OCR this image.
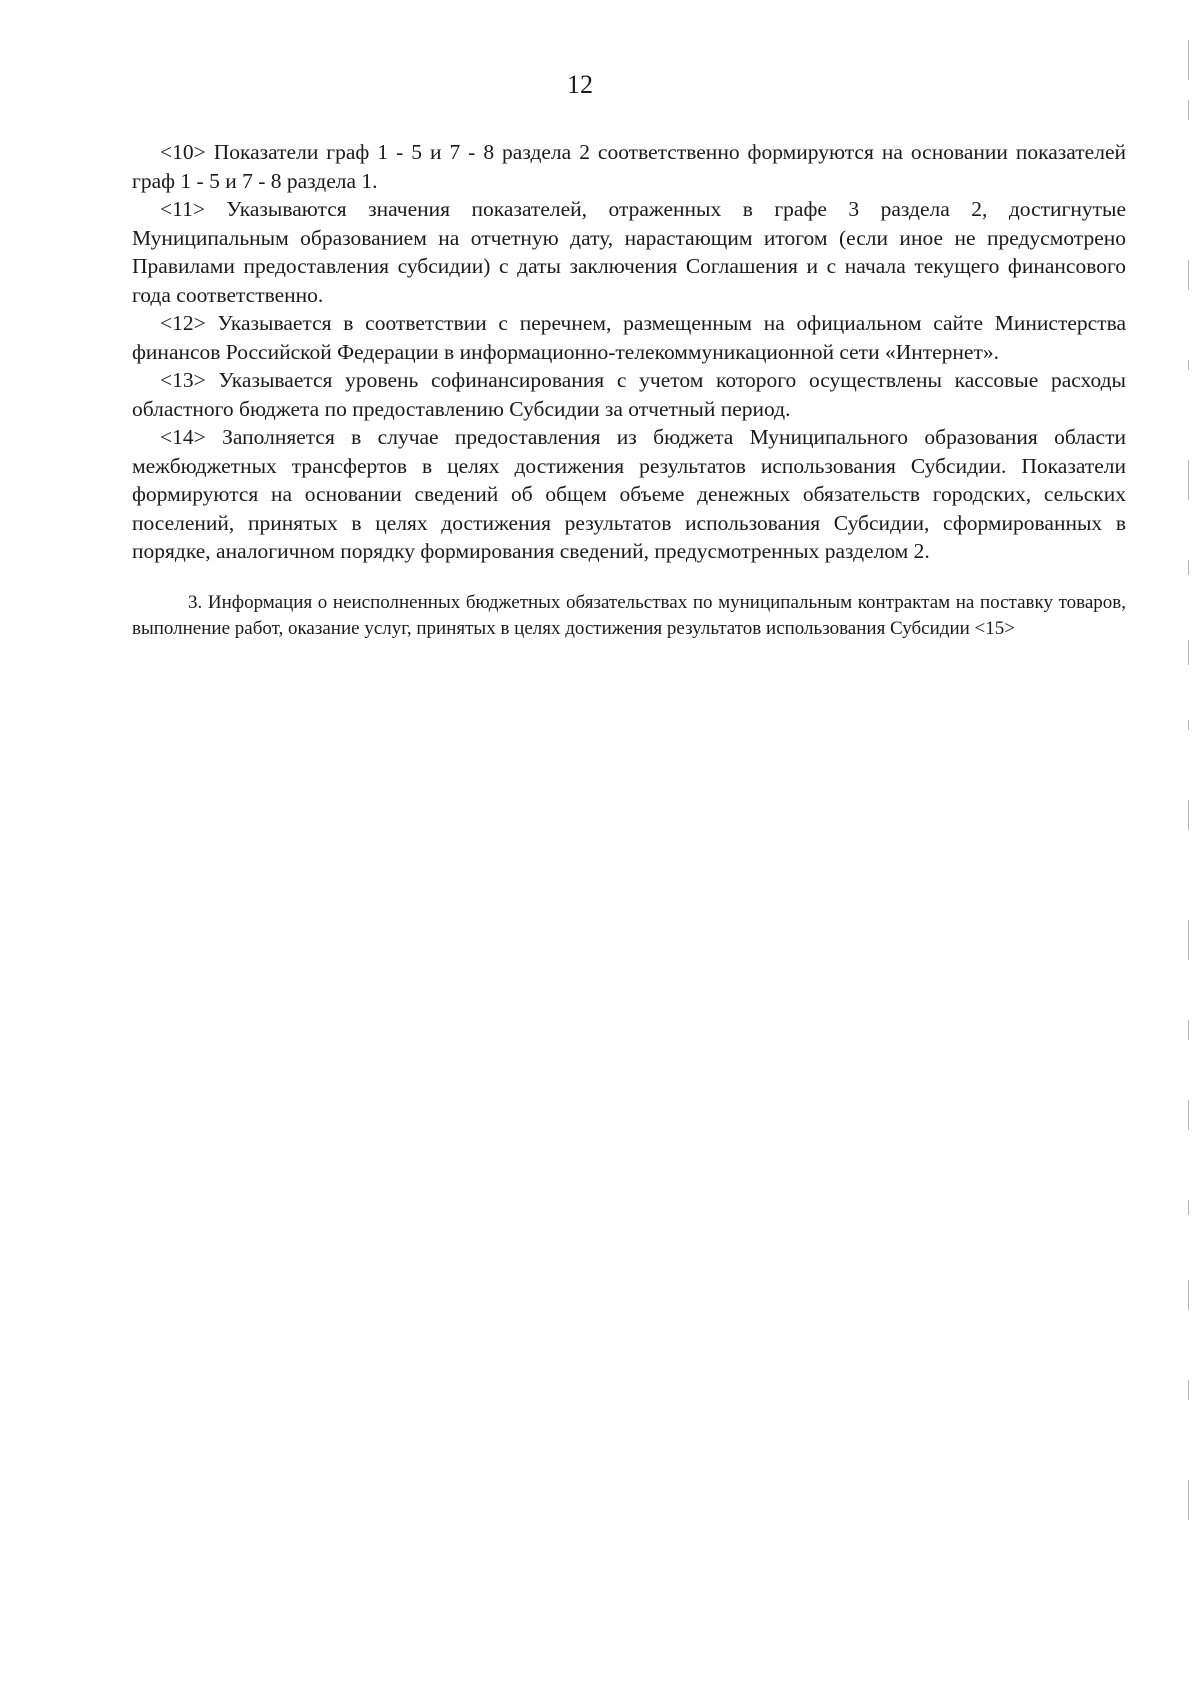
12

<10> Показатели граф 1 - 5 и 7 - 8 раздела 2 соответственно формируются на основании показателей граф 1 - 5 и 7 - 8 раздела 1.

<11> Указываются значения показателей, отраженных в графе 3 раздела 2, достигнутые Муниципальным образованием на отчетную дату, нарастающим итогом (если иное не предусмотрено Правилами предоставления субсидии) с даты заключения Соглашения и с начала текущего финансового года соответственно.

<12> Указывается в соответствии с перечнем, размещенным на официальном сайте Министерства финансов Российской Федерации в информационно-телекоммуникационной сети «Интернет».

<13> Указывается уровень софинансирования с учетом которого осуществлены кассовые расходы областного бюджета по предоставлению Субсидии за отчетный период.

<14> Заполняется в случае предоставления из бюджета Муниципального образования области межбюджетных трансфертов в целях достижения результатов использования Субсидии. Показатели формируются на основании сведений об общем объеме денежных обязательств городских, сельских поселений, принятых в целях достижения результатов использования Субсидии, сформированных в порядке, аналогичном порядку формирования сведений, предусмотренных разделом 2.

3. Информация о неисполненных бюджетных обязательствах по муниципальным контрактам на поставку товаров, выполнение работ, оказание услуг, принятых в целях достижения результатов использования Субсидии <15>
